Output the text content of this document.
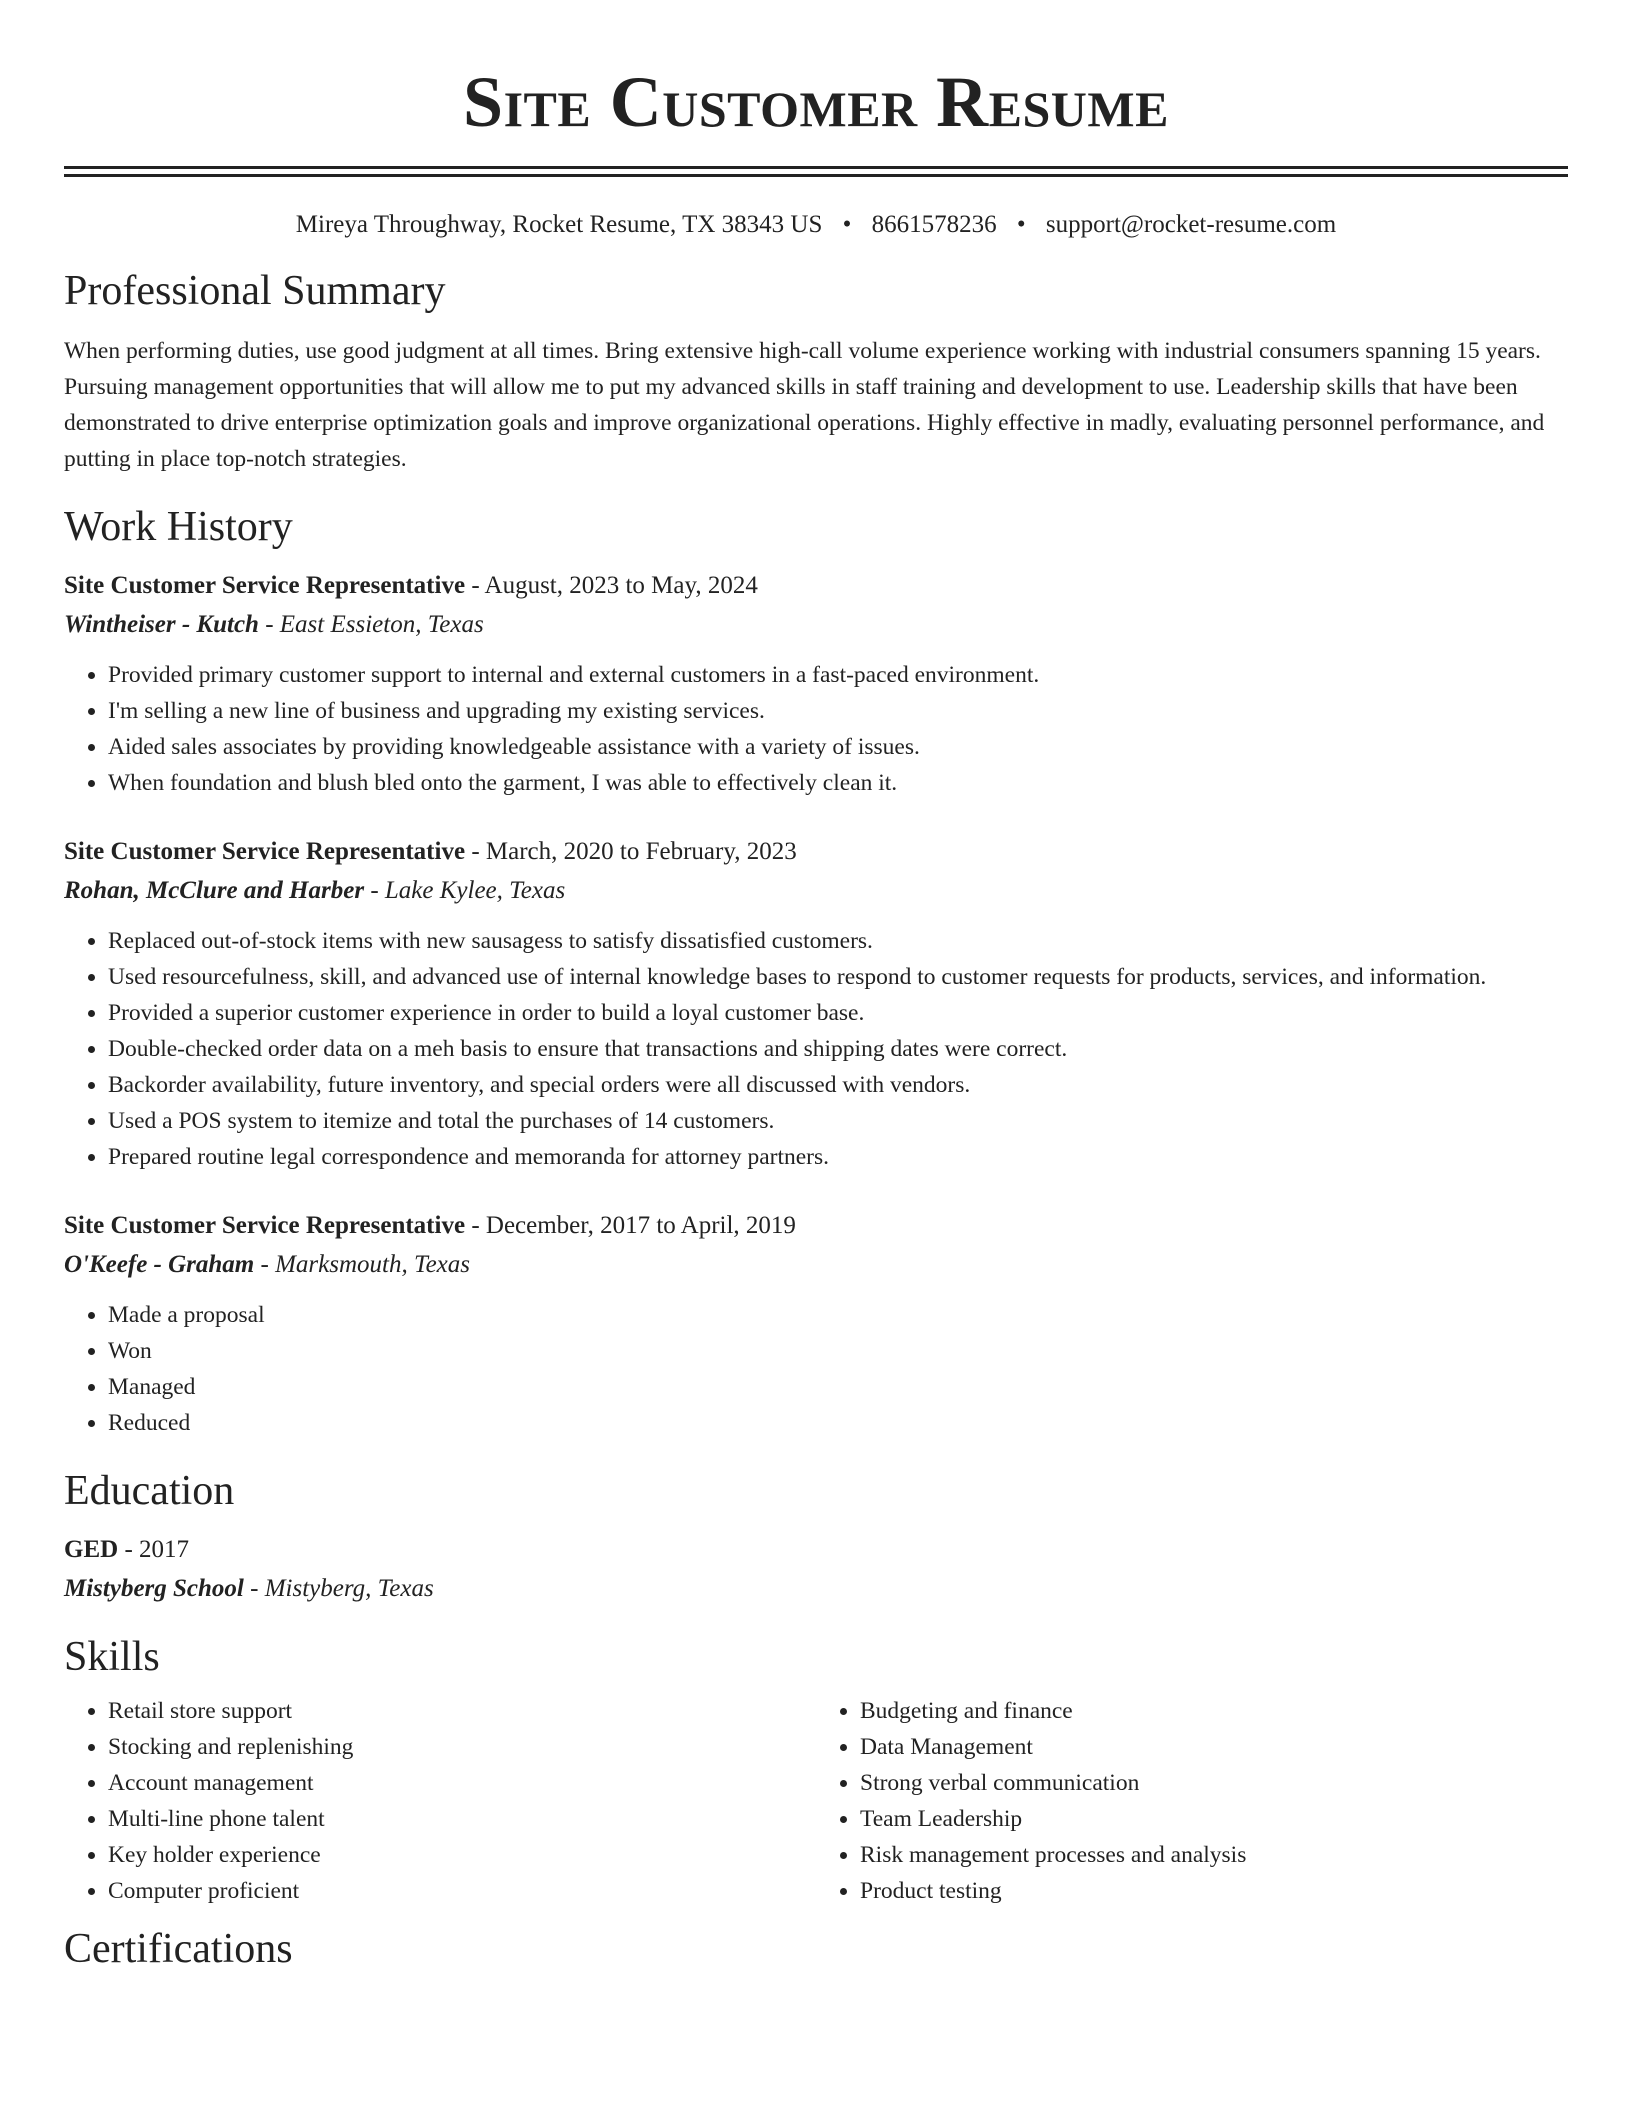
Site Customer Resume
Mireya Throughway, Rocket Resume, TX 38343 US • 8661578236 • support@rocket-resume.com
Professional Summary

When performing duties, use good judgment at all times. Bring extensive high-call volume experience working with industrial consumers spanning 15 years. Pursuing management opportunities that will allow me to put my advanced skills in staff training and development to use. Leadership skills that have been demonstrated to drive enterprise optimization goals and improve organizational operations. Highly effective in madly, evaluating personnel performance, and putting in place top-notch strategies.

Work History
Site Customer Service Representative - August, 2023 to May, 2024
Wintheiser - Kutch - East Essieton, Texas
• Provided primary customer support to internal and external customers in a fast-paced environment.
• I'm selling a new line of business and upgrading my existing services.
• Aided sales associates by providing knowledgeable assistance with a variety of issues.
• When foundation and blush bled onto the garment, I was able to effectively clean it.
Site Customer Service Representative - March, 2020 to February, 2023
Rohan, McClure and Harber - Lake Kylee, Texas
• Replaced out-of-stock items with new sausagess to satisfy dissatisfied customers.
• Used resourcefulness, skill, and advanced use of internal knowledge bases to respond to customer requests for products, services, and information.
• Provided a superior customer experience in order to build a loyal customer base.
• Double-checked order data on a meh basis to ensure that transactions and shipping dates were correct.
• Backorder availability, future inventory, and special orders were all discussed with vendors.
• Used a POS system to itemize and total the purchases of 14 customers.
• Prepared routine legal correspondence and memoranda for attorney partners.
Site Customer Service Representative - December, 2017 to April, 2019
O'Keefe - Graham - Marksmouth, Texas
• Made a proposal
• Won
• Managed
• Reduced
Education
GED - 2017
Mistyberg School - Mistyberg, Texas
Skills
• Retail store support
• Stocking and replenishing
• Account management
• Multi-line phone talent
• Key holder experience
• Computer proficient
• Budgeting and finance
• Data Management
• Strong verbal communication
• Team Leadership
• Risk management processes and analysis
• Product testing
Certifications
